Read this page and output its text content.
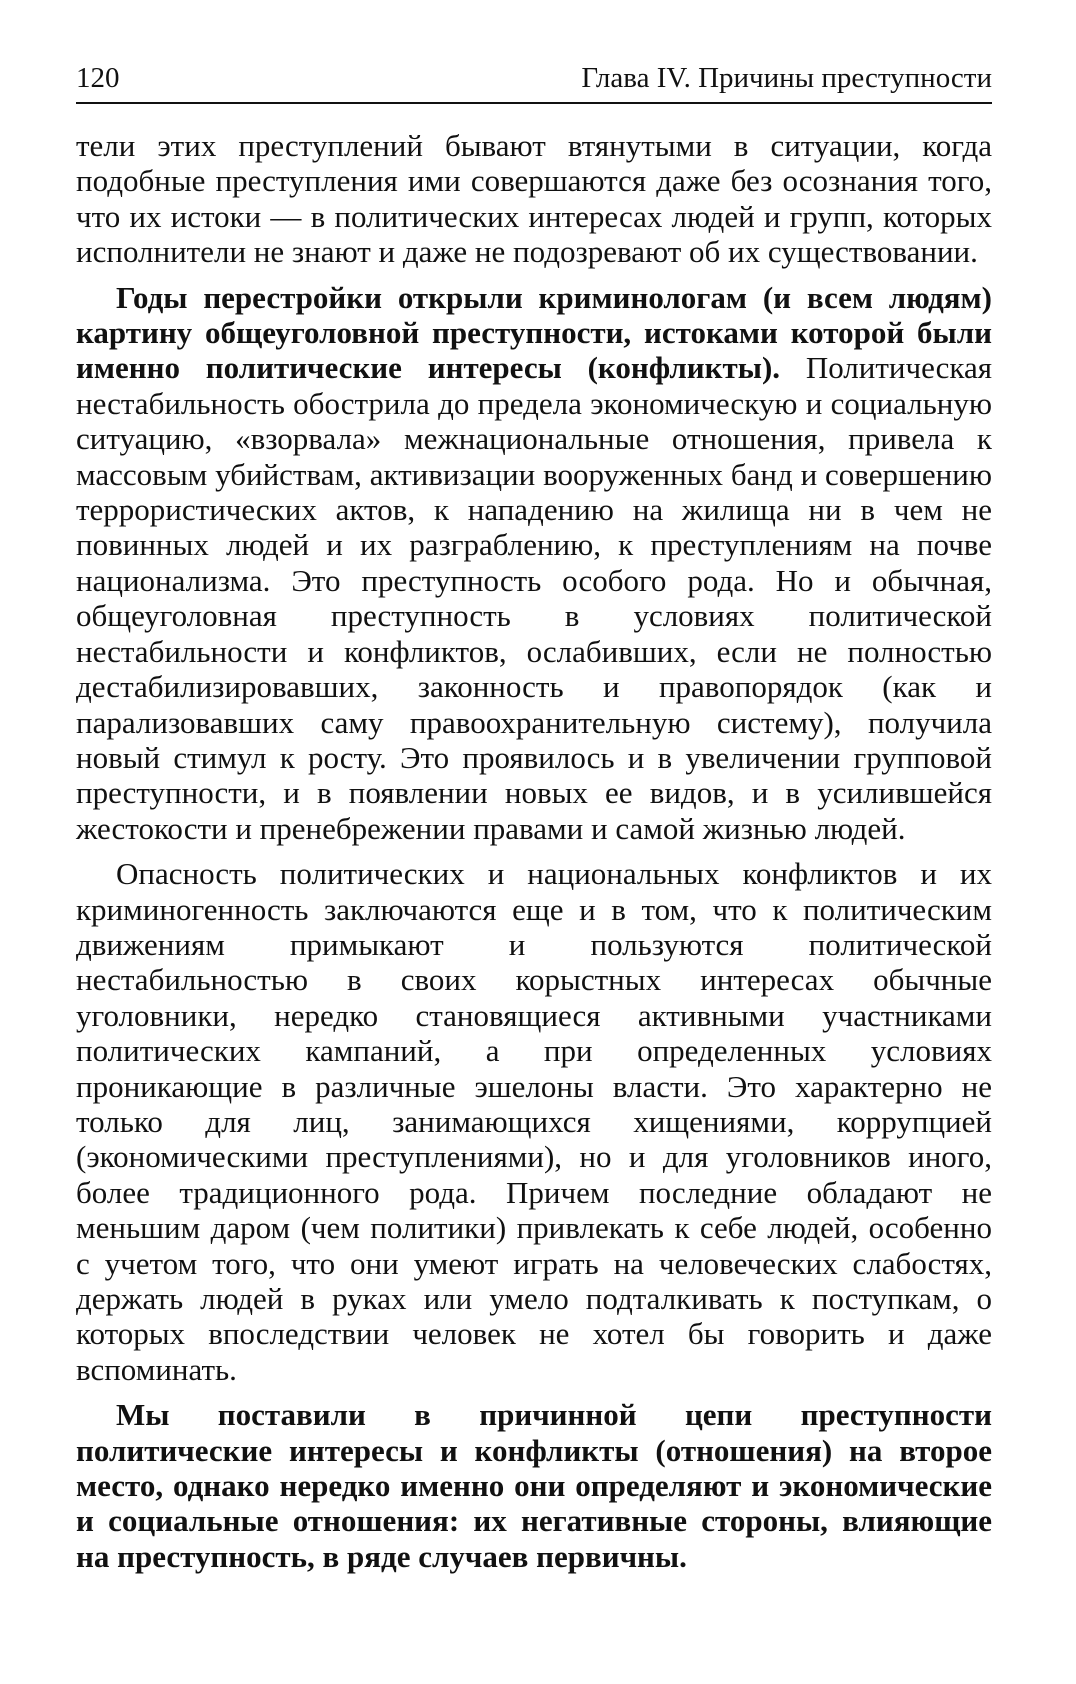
120	Глава IV. Причины преступности

тели этих преступлений бывают втянутыми в ситуации, когда подобные преступления ими совершаются даже без осознания того, что их истоки — в политических интересах людей и групп, которых исполнители не знают и даже не подозревают об их существовании.

Годы перестройки открыли криминологам (и всем людям) картину общеуголовной преступности, истоками которой были именно политические интересы (конфликты). Политическая нестабильность обострила до предела экономическую и социальную ситуацию, «взорвала» межнациональные отношения, привела к массовым убийствам, активизации вооруженных банд и совершению террористических актов, к нападению на жилища ни в чем не повинных людей и их разграблению, к преступлениям на почве национализма. Это преступность особого рода. Но и обычная, общеуголовная преступность в условиях политической нестабильности и конфликтов, ослабивших, если не полностью дестабилизировавших, законность и правопорядок (как и парализовавших саму правоохранительную систему), получила новый стимул к росту. Это проявилось и в увеличении групповой преступности, и в появлении новых ее видов, и в усилившейся жестокости и пренебрежении правами и самой жизнью людей.

Опасность политических и национальных конфликтов и их криминогенность заключаются еще и в том, что к политическим движениям примыкают и пользуются политической нестабильностью в своих корыстных интересах обычные уголовники, нередко становящиеся активными участниками политических кампаний, а при определенных условиях проникающие в различные эшелоны власти. Это характерно не только для лиц, занимающихся хищениями, коррупцией (экономическими преступлениями), но и для уголовников иного, более традиционного рода. Причем последние обладают не меньшим даром (чем политики) привлекать к себе людей, особенно с учетом того, что они умеют играть на человеческих слабостях, держать людей в руках или умело подталкивать к поступкам, о которых впоследствии человек не хотел бы говорить и даже вспоминать.

Мы поставили в причинной цепи преступности политические интересы и конфликты (отношения) на второе место, однако нередко именно они определяют и экономические и социальные отношения: их негативные стороны, влияющие на преступность, в ряде случаев первичны.
